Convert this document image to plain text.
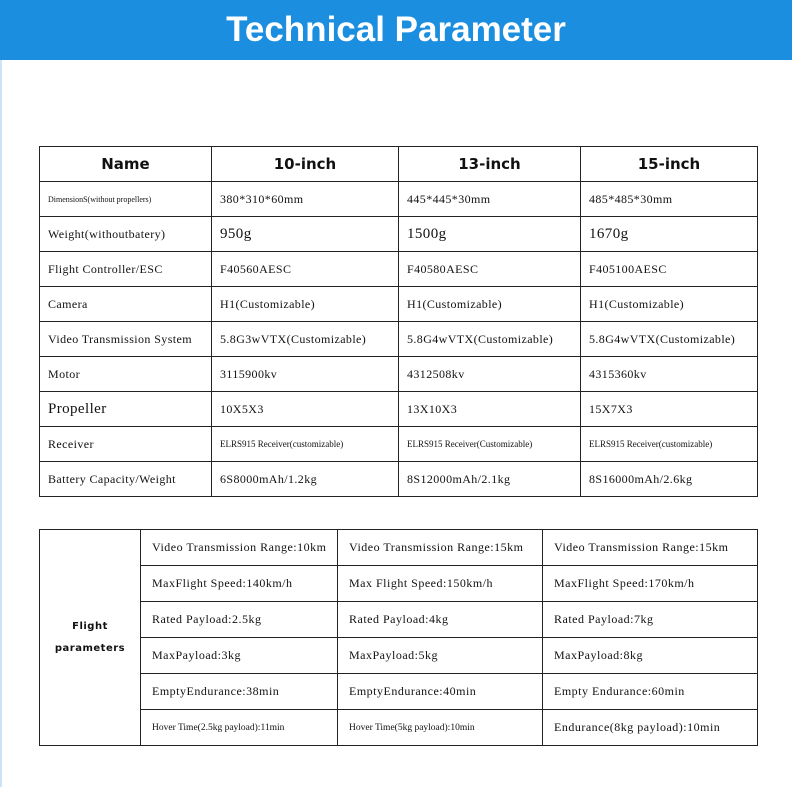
Technical Parameter
Name	10-inch	13-inch	15-inch
DimensionS(without propellers)	380*310*60mm	445*445*30mm	485*485*30mm
Weight(withoutbatery)	950g	1500g	1670g
Flight Controller/ESC	F40560AESC	F40580AESC	F405100AESC
Camera	H1(Customizable)	H1(Customizable)	H1(Customizable)
Video Transmission System	5.8G3wVTX(Customizable)	5.8G4wVTX(Customizable)	5.8G4wVTX(Customizable)
Motor	3115900kv	4312508kv	4315360kv
Propeller	10X5X3	13X10X3	15X7X3
Receiver	ELRS915 Receiver(customizable)	ELRS915 Receiver(Customizable)	ELRS915 Receiver(customizable)
Battery Capacity/Weight	6S8000mAh/1.2kg	8S12000mAh/2.1kg	8S16000mAh/2.6kg
Flight
parameters	Video Transmission Range:10km	Video Transmission Range:15km	Video Transmission Range:15km
	MaxFlight Speed:140km/h	Max Flight Speed:150km/h	MaxFlight Speed:170km/h
	Rated Payload:2.5kg	Rated Payload:4kg	Rated Payload:7kg
	MaxPayload:3kg	MaxPayload:5kg	MaxPayload:8kg
	EmptyEndurance:38min	EmptyEndurance:40min	Empty Endurance:60min
	Hover Time(2.5kg payload):11min	Hover Time(5kg payload):10min	Endurance(8kg payload):10min
